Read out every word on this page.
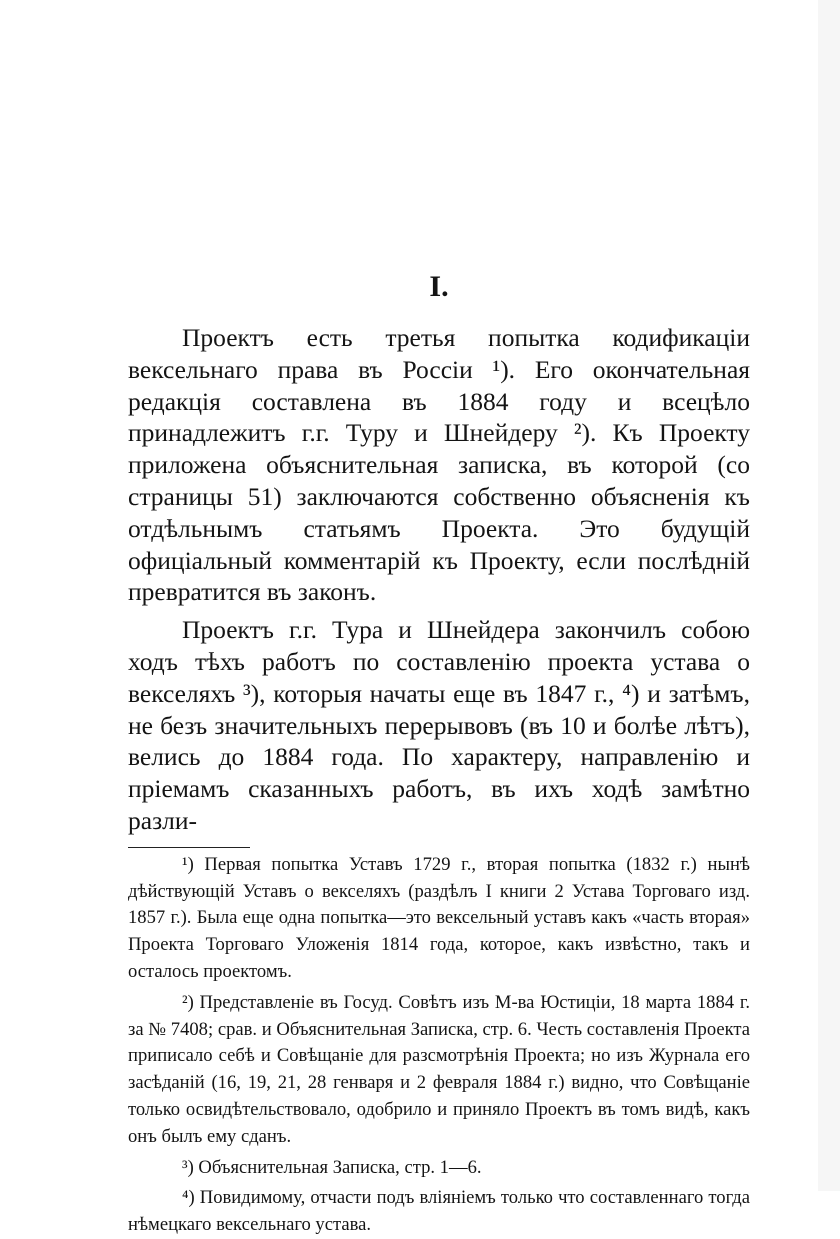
I.

Проектъ есть третья попытка кодификаціи вексельнаго права въ Россіи ¹). Его окончательная редакція составлена въ 1884 году и всецѣло принадлежитъ г.г. Туру и Шнейдеру ²). Къ Проекту приложена объяснительная записка, въ которой (со страницы 51) заключаются собственно объясненія къ отдѣльнымъ статьямъ Проекта. Это будущій офиціальный комментарій къ Проекту, если послѣдній превратится въ законъ.

Проектъ г.г. Тура и Шнейдера закончилъ собою ходъ тѣхъ работъ по составленію проекта устава о векселяхъ ³), которыя начаты еще въ 1847 г., ⁴) и затѣмъ, не безъ значительныхъ перерывовъ (въ 10 и болѣе лѣтъ), велись до 1884 года. По характеру, направленію и пріемамъ сказанныхъ работъ, въ ихъ ходѣ замѣтно разли-

¹) Первая попытка Уставъ 1729 г., вторая попытка (1832 г.) нынѣ дѣйствующій Уставъ о векселяхъ (раздѣлъ I книги 2 Устава Торговаго изд. 1857 г.). Была еще одна попытка—это вексельный уставъ какъ «часть вторая» Проекта Торговаго Уложенія 1814 года, которое, какъ извѣстно, такъ и осталось проектомъ.

²) Представленіе въ Госуд. Совѣтъ изъ М-ва Юстиціи, 18 марта 1884 г. за № 7408; срав. и Объяснительная Записка, стр. 6. Честь составленія Проекта приписало себѣ и Совѣщаніе для разсмотрѣнія Проекта; но изъ Журнала его засѣданій (16, 19, 21, 28 генваря и 2 февраля 1884 г.) видно, что Совѣщаніе только освидѣтельствовало, одобрило и приняло Проектъ въ томъ видѣ, какъ онъ былъ ему сданъ.

³) Объяснительная Записка, стр. 1—6.

⁴) Повидимому, отчасти подъ вліяніемъ только что составленнаго тогда нѣмецкаго вексельнаго устава.
